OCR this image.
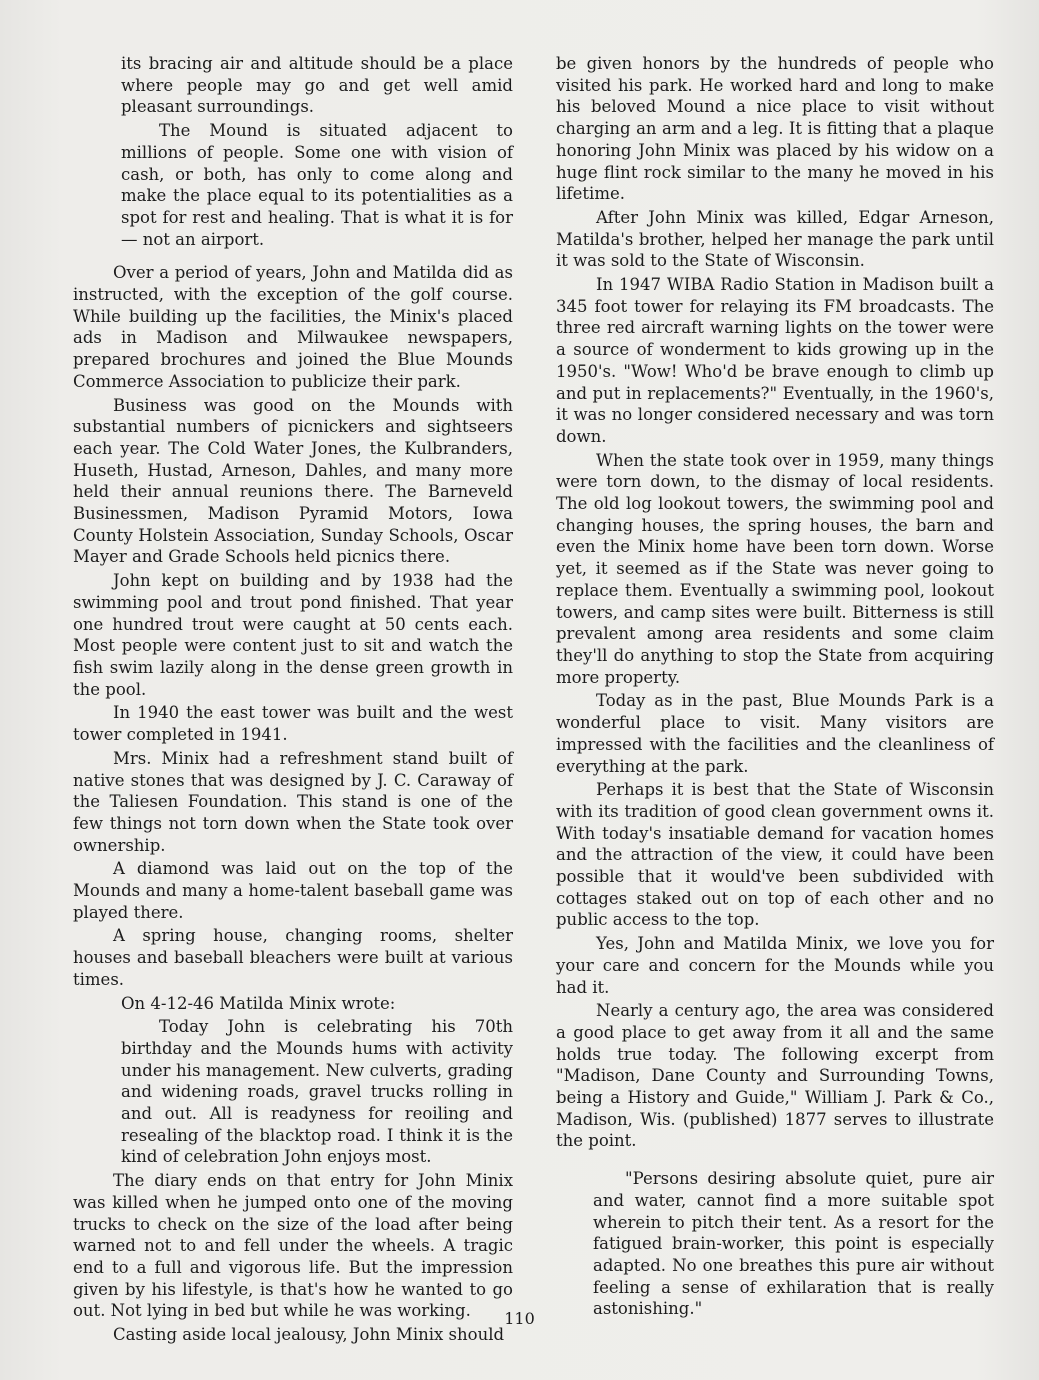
its bracing air and altitude should be a place where people may go and get well amid pleasant surroundings.

The Mound is situated adjacent to millions of people. Some one with vision of cash, or both, has only to come along and make the place equal to its potentialities as a spot for rest and healing. That is what it is for — not an airport.

Over a period of years, John and Matilda did as instructed, with the exception of the golf course. While building up the facilities, the Minix's placed ads in Madison and Milwaukee newspapers, prepared brochures and joined the Blue Mounds Commerce Association to publicize their park.

Business was good on the Mounds with substantial numbers of picnickers and sightseers each year. The Cold Water Jones, the Kulbranders, Huseth, Hustad, Arneson, Dahles, and many more held their annual reunions there. The Barneveld Businessmen, Madison Pyramid Motors, Iowa County Holstein Association, Sunday Schools, Oscar Mayer and Grade Schools held picnics there.

John kept on building and by 1938 had the swimming pool and trout pond finished. That year one hundred trout were caught at 50 cents each. Most people were content just to sit and watch the fish swim lazily along in the dense green growth in the pool.

In 1940 the east tower was built and the west tower completed in 1941.

Mrs. Minix had a refreshment stand built of native stones that was designed by J. C. Caraway of the Taliesen Foundation. This stand is one of the few things not torn down when the State took over ownership.

A diamond was laid out on the top of the Mounds and many a home-talent baseball game was played there.

A spring house, changing rooms, shelter houses and baseball bleachers were built at various times.

On 4-12-46 Matilda Minix wrote:

Today John is celebrating his 70th birthday and the Mounds hums with activity under his management. New culverts, grading and widening roads, gravel trucks rolling in and out. All is readyness for reoiling and resealing of the blacktop road. I think it is the kind of celebration John enjoys most.

The diary ends on that entry for John Minix was killed when he jumped onto one of the moving trucks to check on the size of the load after being warned not to and fell under the wheels. A tragic end to a full and vigorous life. But the impression given by his lifestyle, is that's how he wanted to go out. Not lying in bed but while he was working.

Casting aside local jealousy, John Minix should

be given honors by the hundreds of people who visited his park. He worked hard and long to make his beloved Mound a nice place to visit without charging an arm and a leg. It is fitting that a plaque honoring John Minix was placed by his widow on a huge flint rock similar to the many he moved in his lifetime.

After John Minix was killed, Edgar Arneson, Matilda's brother, helped her manage the park until it was sold to the State of Wisconsin.

In 1947 WIBA Radio Station in Madison built a 345 foot tower for relaying its FM broadcasts. The three red aircraft warning lights on the tower were a source of wonderment to kids growing up in the 1950's. "Wow! Who'd be brave enough to climb up and put in replacements?" Eventually, in the 1960's, it was no longer considered necessary and was torn down.

When the state took over in 1959, many things were torn down, to the dismay of local residents. The old log lookout towers, the swimming pool and changing houses, the spring houses, the barn and even the Minix home have been torn down. Worse yet, it seemed as if the State was never going to replace them. Eventually a swimming pool, lookout towers, and camp sites were built. Bitterness is still prevalent among area residents and some claim they'll do anything to stop the State from acquiring more property.

Today as in the past, Blue Mounds Park is a wonderful place to visit. Many visitors are impressed with the facilities and the cleanliness of everything at the park.

Perhaps it is best that the State of Wisconsin with its tradition of good clean government owns it. With today's insatiable demand for vacation homes and the attraction of the view, it could have been possible that it would've been subdivided with cottages staked out on top of each other and no public access to the top.

Yes, John and Matilda Minix, we love you for your care and concern for the Mounds while you had it.

Nearly a century ago, the area was considered a good place to get away from it all and the same holds true today. The following excerpt from "Madison, Dane County and Surrounding Towns, being a History and Guide," William J. Park & Co., Madison, Wis. (published) 1877 serves to illustrate the point.

"Persons desiring absolute quiet, pure air and water, cannot find a more suitable spot wherein to pitch their tent. As a resort for the fatigued brain-worker, this point is especially adapted. No one breathes this pure air without feeling a sense of exhilaration that is really astonishing."

110
